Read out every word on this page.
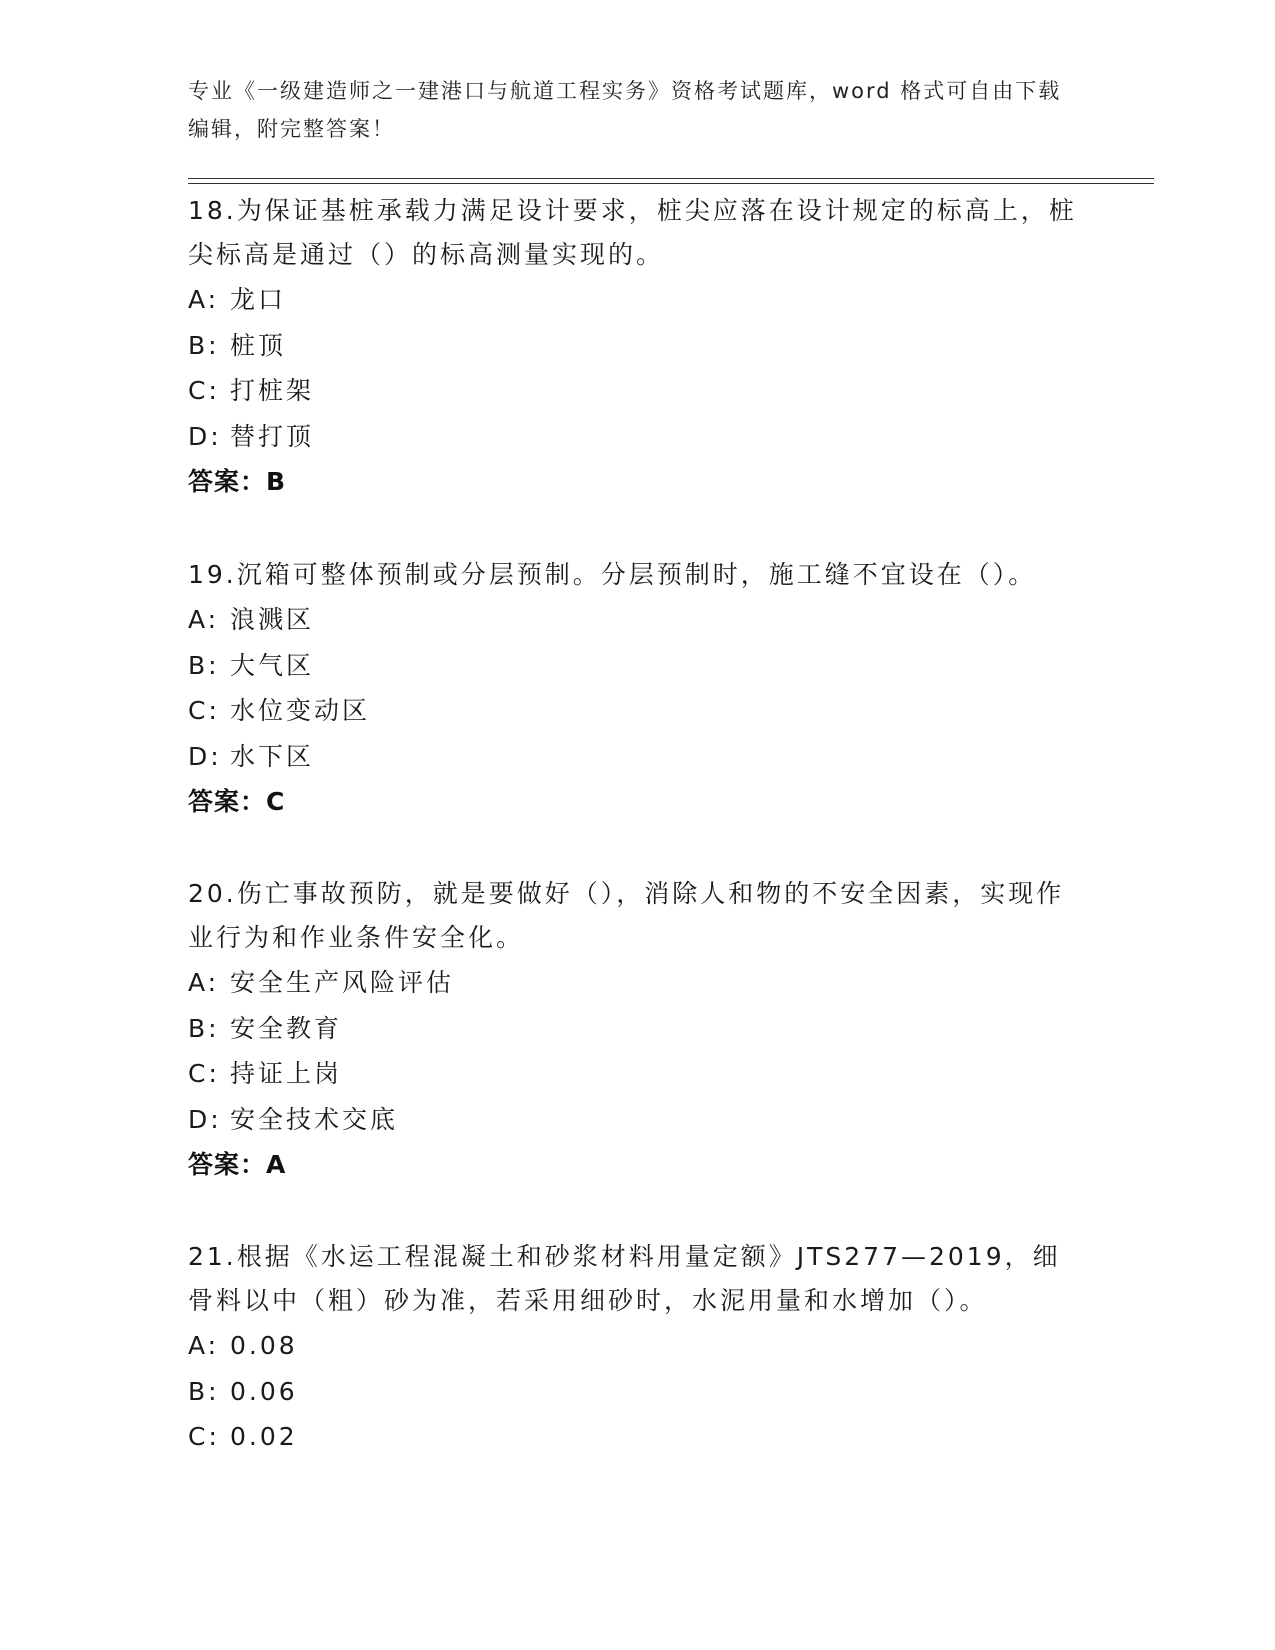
专业《一级建造师之一建港口与航道工程实务》资格考试题库，word 格式可自由下载编辑，附完整答案！
18.为保证基桩承载力满足设计要求，桩尖应落在设计规定的标高上，桩尖标高是通过（）的标高测量实现的。
A: 龙口
B: 桩顶
C: 打桩架
D: 替打顶
答案：B
19.沉箱可整体预制或分层预制。分层预制时，施工缝不宜设在（）。
A: 浪溅区
B: 大气区
C: 水位变动区
D: 水下区
答案：C
20.伤亡事故预防，就是要做好（），消除人和物的不安全因素，实现作业行为和作业条件安全化。
A: 安全生产风险评估
B: 安全教育
C: 持证上岗
D: 安全技术交底
答案：A
21.根据《水运工程混凝土和砂浆材料用量定额》JTS277—2019，细骨料以中（粗）砂为准，若采用细砂时，水泥用量和水增加（）。
A: 0.08
B: 0.06
C: 0.02
